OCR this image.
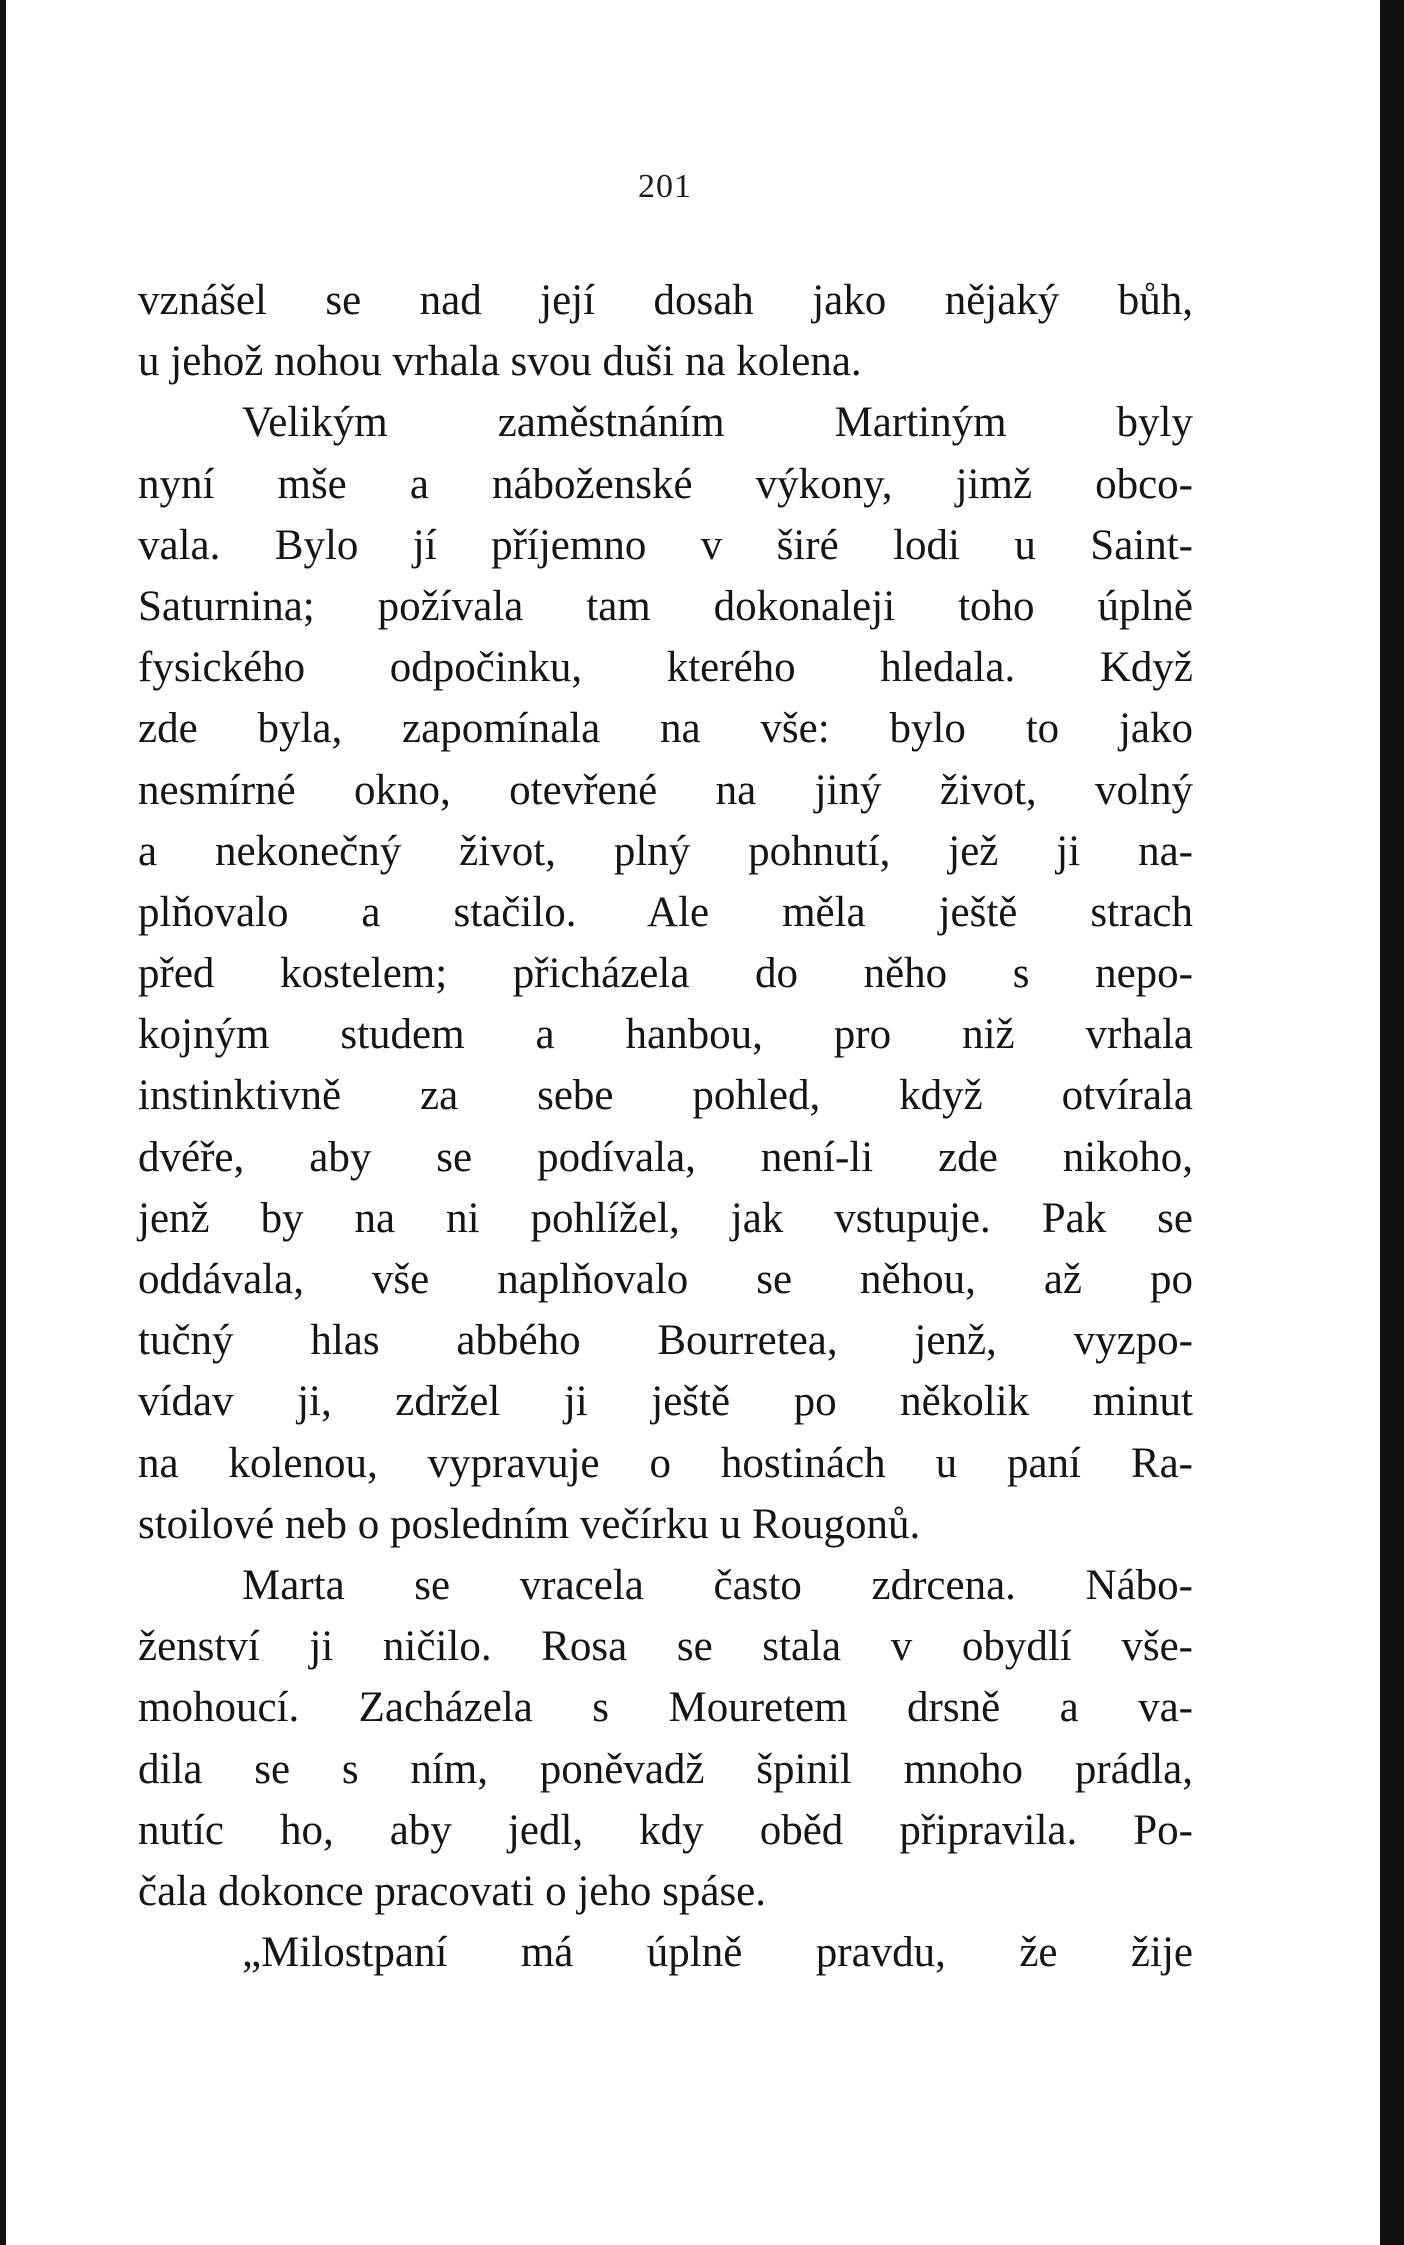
201
vznášel se nad její dosah jako nějaký bůh,
u jehož nohou vrhala svou duši na kolena.
Velikým zaměstnáním Martiným byly
nyní mše a náboženské výkony, jimž obco-
vala. Bylo jí příjemno v širé lodi u Saint-
Saturnina; požívala tam dokonaleji toho úplně
fysického odpočinku, kterého hledala. Když
zde byla, zapomínala na vše: bylo to jako
nesmírné okno, otevřené na jiný život, volný
a nekonečný život, plný pohnutí, jež ji na-
plňovalo a stačilo. Ale měla ještě strach
před kostelem; přicházela do něho s nepo-
kojným studem a hanbou, pro niž vrhala
instinktivně za sebe pohled, když otvírala
dvéře, aby se podívala, není-li zde nikoho,
jenž by na ni pohlížel, jak vstupuje. Pak se
oddávala, vše naplňovalo se něhou, až po
tučný hlas abbého Bourretea, jenž, vyzpo-
vídav ji, zdržel ji ještě po několik minut
na kolenou, vypravuje o hostinách u paní Ra-
stoilové neb o posledním večírku u Rougonů.
Marta se vracela často zdrcena. Nábo-
ženství ji ničilo. Rosa se stala v obydlí vše-
mohoucí. Zacházela s Mouretem drsně a va-
dila se s ním, poněvadž špinil mnoho prádla,
nutíc ho, aby jedl, kdy oběd připravila. Po-
čala dokonce pracovati o jeho spáse.
„Milostpaní má úplně pravdu, že žije
